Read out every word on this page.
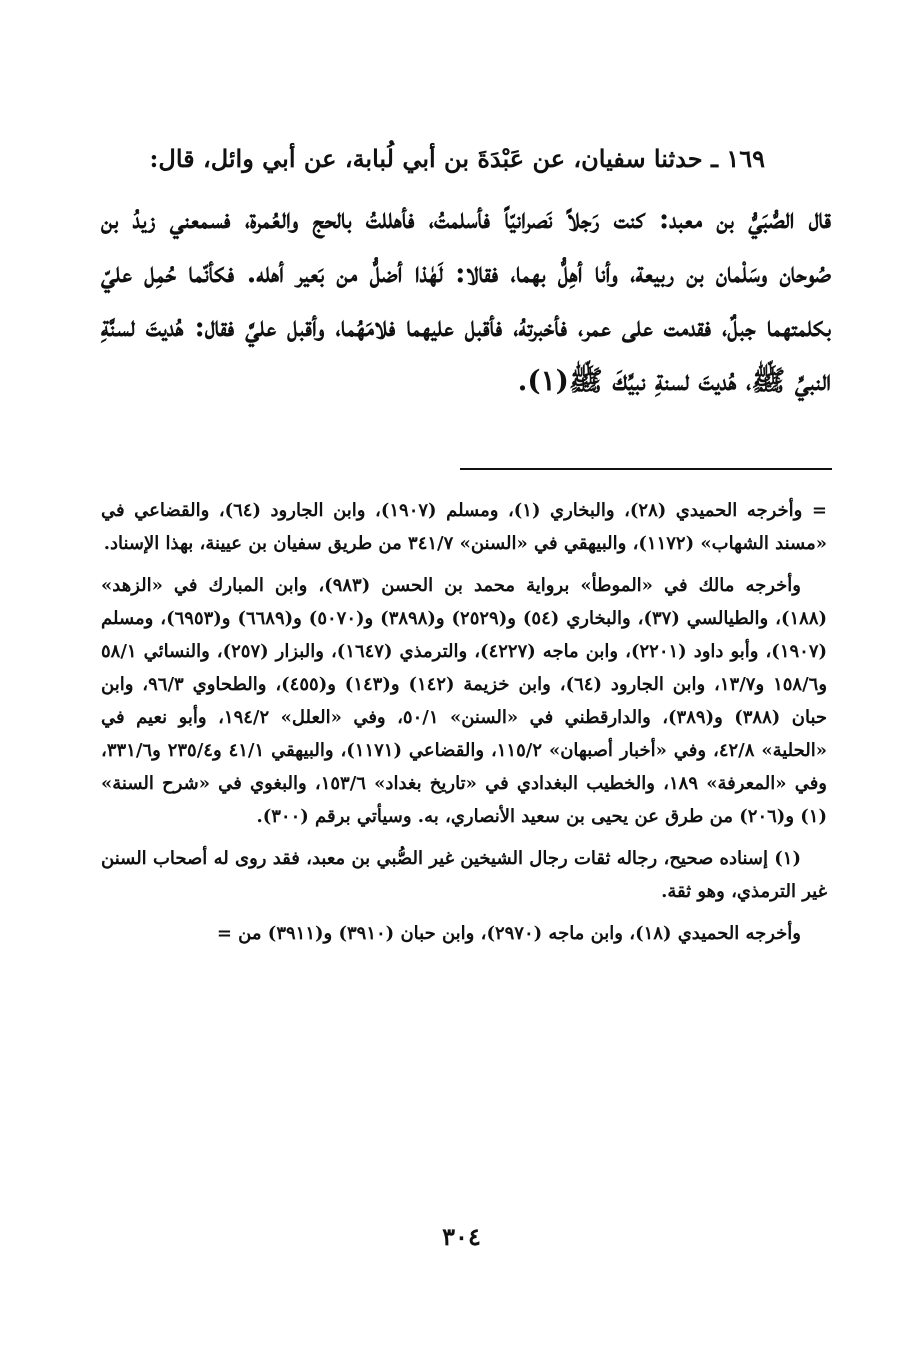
١٦٩ ـ حدثنا سفيان، عن عَبْدَةَ بن أبي لُبابة، عن أبي وائل، قال:
قال الصُّبَيُّ بن معبد: كنت رَجلاً نَصرانيّاً فأسلمتُ، فأهللتُ بالحج والعُمرة، فسمعني زيدُ بن صُوحان وسَلْمان بن ربيعة، وأنا أهِلُّ بهما، فقالا: لَهٰذا أضلُّ من بَعير أهله. فكأنّما حُمِل عليّ بكلمتهما جبلٌ، فقدمت على عمر، فأخبرتهُ، فأقبل عليهما فلامَهُما، وأقبل عليَّ فقال: هُديتَ لسنَّةِ النبيِّ ﷺ، هُديتَ لسنةِ نبيِّكَ ﷺ(١).

= وأخرجه الحميدي (٢٨)، والبخاري (١)، ومسلم (١٩٠٧)، وابن الجارود (٦٤)، والقضاعي في «مسند الشهاب» (١١٧٢)، والبيهقي في «السنن» ٣٤١/٧ من طريق سفيان بن عيينة، بهذا الإسناد.

وأخرجه مالك في «الموطأ» برواية محمد بن الحسن (٩٨٣)، وابن المبارك في «الزهد» (١٨٨)، والطيالسي (٣٧)، والبخاري (٥٤) و(٢٥٢٩) و(٣٨٩٨) و(٥٠٧٠) و(٦٦٨٩) و(٦٩٥٣)، ومسلم (١٩٠٧)، وأبو داود (٢٢٠١)، وابن ماجه (٤٢٢٧)، والترمذي (١٦٤٧)، والبزار (٢٥٧)، والنسائي ٥٨/١ و١٥٨/٦ و١٣/٧، وابن الجارود (٦٤)، وابن خزيمة (١٤٢) و(١٤٣) و(٤٥٥)، والطحاوي ٩٦/٣، وابن حبان (٣٨٨) و(٣٨٩)، والدارقطني في «السنن» ٥٠/١، وفي «العلل» ١٩٤/٢، وأبو نعيم في «الحلية» ٤٢/٨، وفي «أخبار أصبهان» ١١٥/٢، والقضاعي (١١٧١)، والبيهقي ٤١/١ و٢٣٥/٤ و٣٣١/٦، وفي «المعرفة» ١٨٩، والخطيب البغدادي في «تاريخ بغداد» ١٥٣/٦، والبغوي في «شرح السنة» (١) و(٢٠٦) من طرق عن يحيى بن سعيد الأنصاري، به. وسيأتي برقم (٣٠٠).

(١) إسناده صحيح، رجاله ثقات رجال الشيخين غير الصُّبي بن معبد، فقد روى له أصحاب السنن غير الترمذي، وهو ثقة.

وأخرجه الحميدي (١٨)، وابن ماجه (٢٩٧٠)، وابن حبان (٣٩١٠) و(٣٩١١) من =

٣٠٤
